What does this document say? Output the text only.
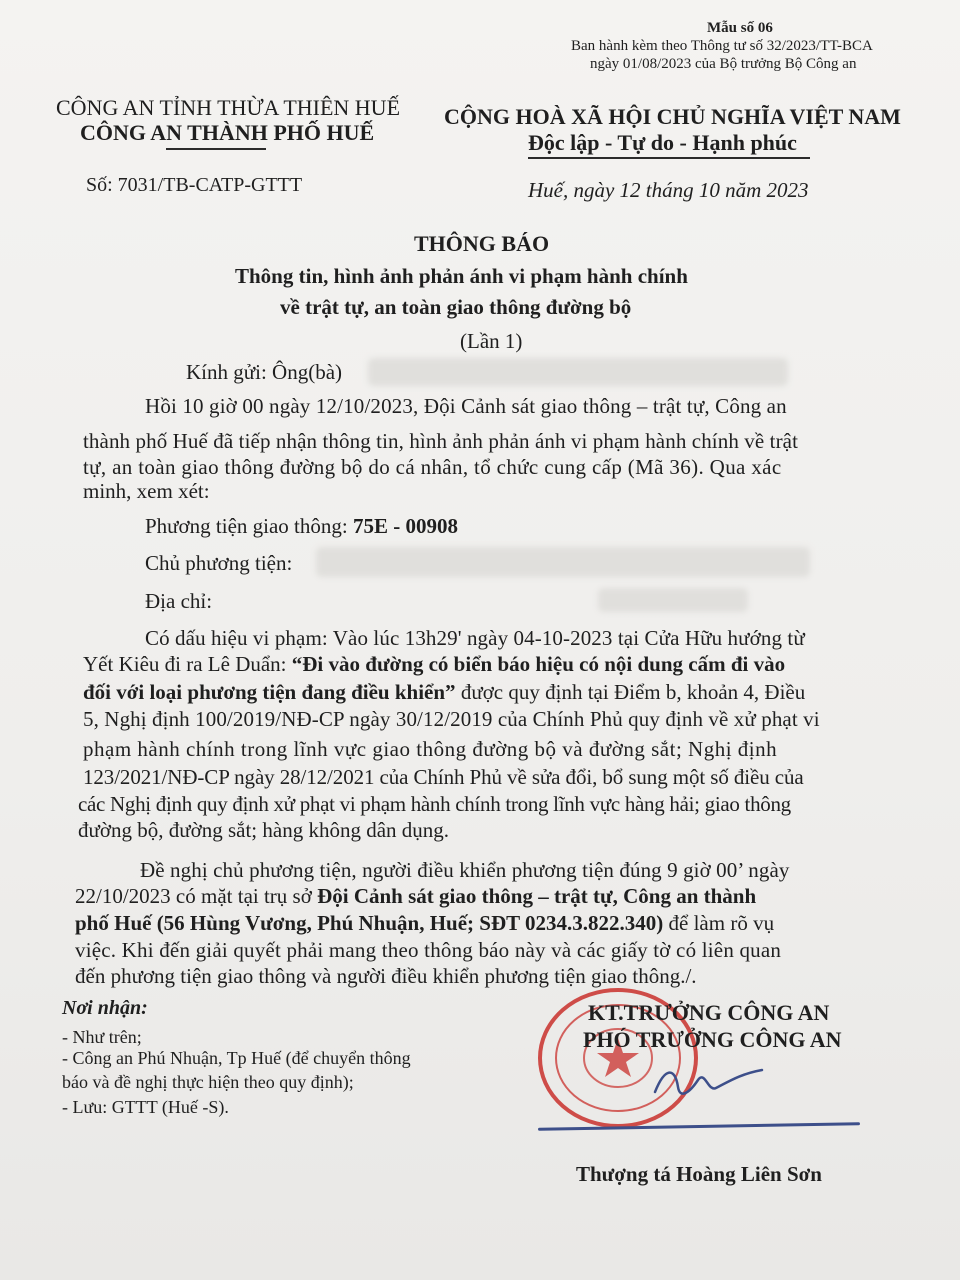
Mẫu số 06
Ban hành kèm theo Thông tư số 32/2023/TT-BCA
ngày 01/08/2023 của Bộ trưởng Bộ Công an
CÔNG AN TỈNH THỪA THIÊN HUẾ
CÔNG AN THÀNH PHỐ HUẾ
Số: 7031/TB-CATP-GTTT
CỘNG HOÀ XÃ HỘI CHỦ NGHĨA VIỆT NAM
Độc lập - Tự do - Hạnh phúc
Huế, ngày 12 tháng 10 năm 2023
THÔNG BÁO
Thông tin, hình ảnh phản ánh vi phạm hành chính
về trật tự, an toàn giao thông đường bộ
(Lần 1)
Kính gửi: Ông(bà)
Hồi 10 giờ 00 ngày 12/10/2023, Đội Cảnh sát giao thông – trật tự, Công an
thành phố Huế đã tiếp nhận thông tin, hình ảnh phản ánh vi phạm hành chính về trật
tự, an toàn giao thông đường bộ do cá nhân, tổ chức cung cấp (Mã 36). Qua xác
minh, xem xét:
Phương tiện giao thông: 75E - 00908
Chủ phương tiện:
Địa chỉ:
Có dấu hiệu vi phạm: Vào lúc 13h29' ngày 04-10-2023 tại Cửa Hữu hướng từ
Yết Kiêu đi ra Lê Duẩn: “Đi vào đường có biển báo hiệu có nội dung cấm đi vào
đối với loại phương tiện đang điều khiển” được quy định tại Điểm b, khoản 4, Điều
5, Nghị định 100/2019/NĐ-CP ngày 30/12/2019 của Chính Phủ quy định về xử phạt vi
phạm hành chính trong lĩnh vực giao thông đường bộ và đường sắt; Nghị định
123/2021/NĐ-CP ngày 28/12/2021 của Chính Phủ về sửa đổi, bổ sung một số điều của
các Nghị định quy định xử phạt vi phạm hành chính trong lĩnh vực hàng hải; giao thông
đường bộ, đường sắt; hàng không dân dụng.
Đề nghị chủ phương tiện, người điều khiển phương tiện đúng 9 giờ 00’ ngày
22/10/2023 có mặt tại trụ sở Đội Cảnh sát giao thông – trật tự, Công an thành
phố Huế (56 Hùng Vương, Phú Nhuận, Huế; SĐT 0234.3.822.340) để làm rõ vụ
việc. Khi đến giải quyết phải mang theo thông báo này và các giấy tờ có liên quan
đến phương tiện giao thông và người điều khiển phương tiện giao thông./.
Nơi nhận:
- Như trên;
- Công an Phú Nhuận, Tp Huế (để chuyển thông
báo và đề nghị thực hiện theo quy định);
- Lưu: GTTT (Huế -S).
KT.TRƯỞNG CÔNG AN
PHÓ TRƯỞNG CÔNG AN
Thượng tá Hoàng Liên Sơn
